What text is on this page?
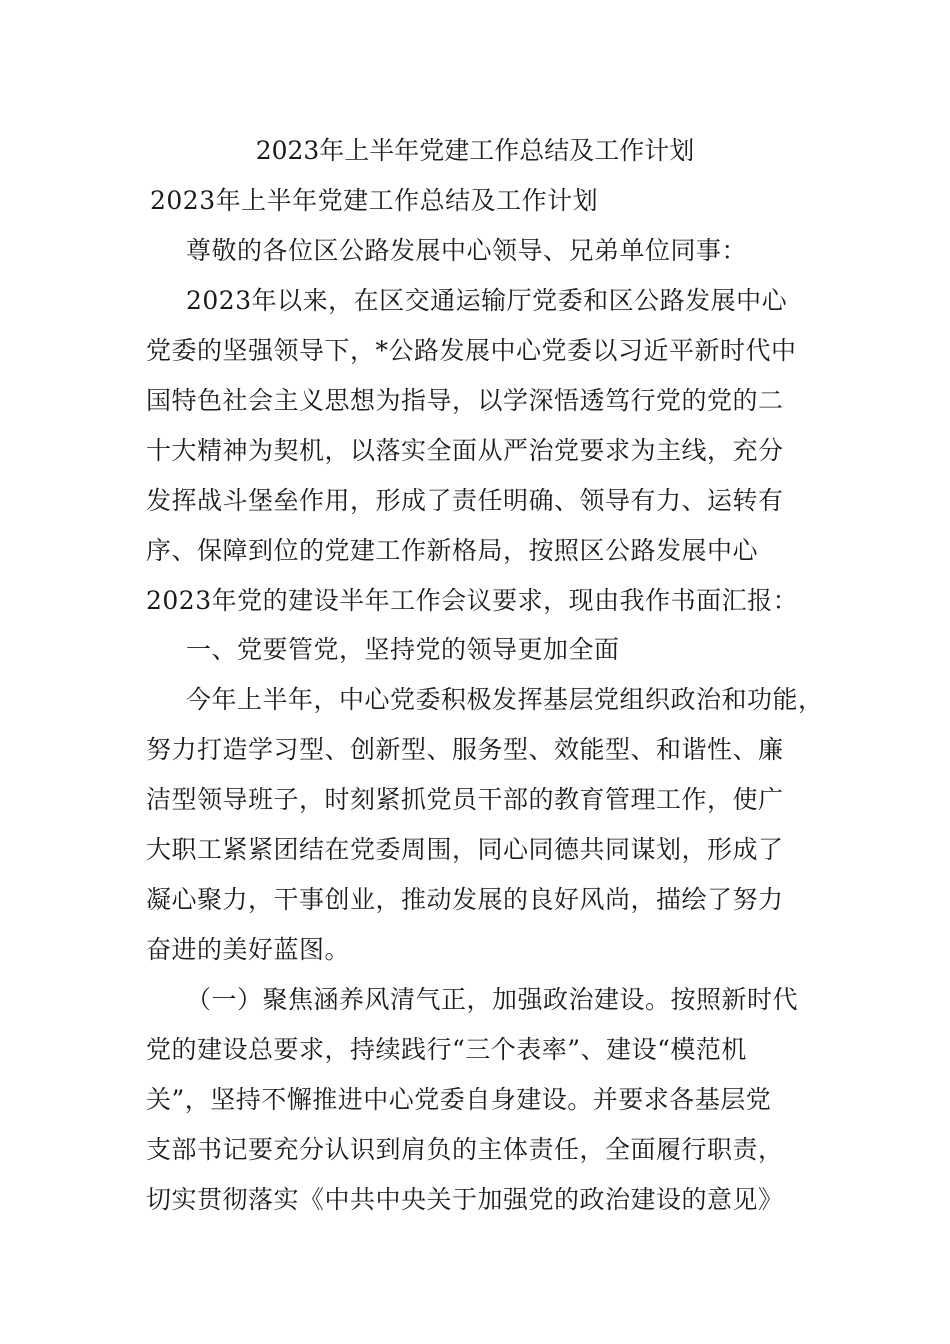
2023年上半年党建工作总结及工作计划
2023年上半年党建工作总结及工作计划
尊敬的各位区公路发展中心领导、兄弟单位同事：
2023年以来，在区交通运输厅党委和区公路发展中心
党委的坚强领导下，*公路发展中心党委以习近平新时代中
国特色社会主义思想为指导，以学深悟透笃行党的党的二
十大精神为契机，以落实全面从严治党要求为主线，充分
发挥战斗堡垒作用，形成了责任明确、领导有力、运转有
序、保障到位的党建工作新格局，按照区公路发展中心
2023年党的建设半年工作会议要求，现由我作书面汇报：
一、党要管党，坚持党的领导更加全面
今年上半年，中心党委积极发挥基层党组织政治和功能，
努力打造学习型、创新型、服务型、效能型、和谐性、廉
洁型领导班子，时刻紧抓党员干部的教育管理工作，使广
大职工紧紧团结在党委周围，同心同德共同谋划，形成了
凝心聚力，干事创业，推动发展的良好风尚，描绘了努力
奋进的美好蓝图。
（一）聚焦涵养风清气正，加强政治建设。按照新时代
党的建设总要求，持续践行“三个表率”、建设“模范机
关”，坚持不懈推进中心党委自身建设。并要求各基层党
支部书记要充分认识到肩负的主体责任，全面履行职责，
切实贯彻落实《中共中央关于加强党的政治建设的意见》
